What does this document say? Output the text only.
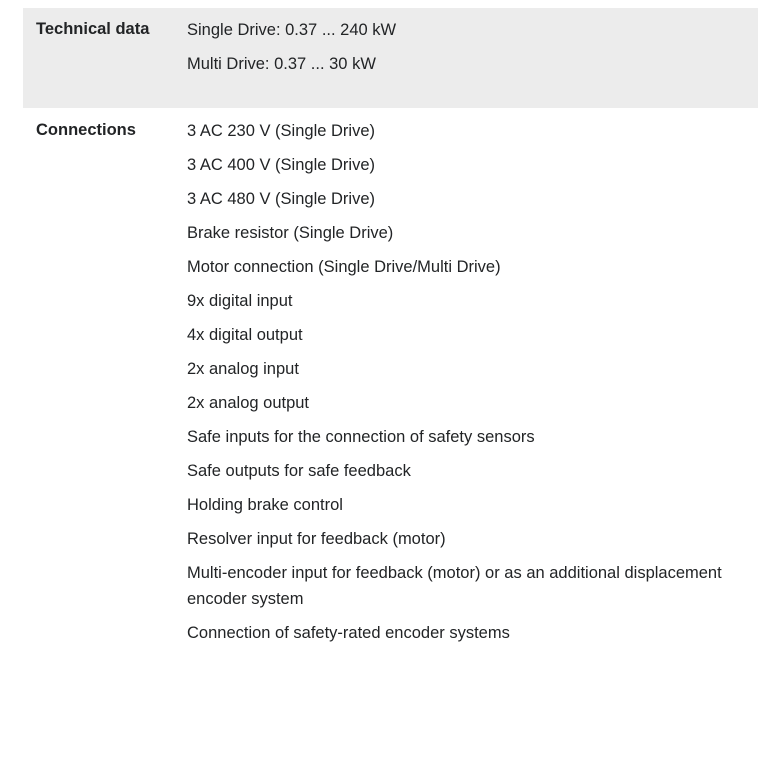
Technical data	Single Drive: 0.37 ... 240 kW
Multi Drive: 0.37 ... 30 kW
Connections	3 AC 230 V (Single Drive)
3 AC 400 V (Single Drive)
3 AC 480 V (Single Drive)
Brake resistor (Single Drive)
Motor connection (Single Drive/Multi Drive)
9x digital input
4x digital output
2x analog input
2x analog output
Safe inputs for the connection of safety sensors
Safe outputs for safe feedback
Holding brake control
Resolver input for feedback (motor)
Multi-encoder input for feedback (motor) or as an additional displacement encoder system
Connection of safety-rated encoder systems
